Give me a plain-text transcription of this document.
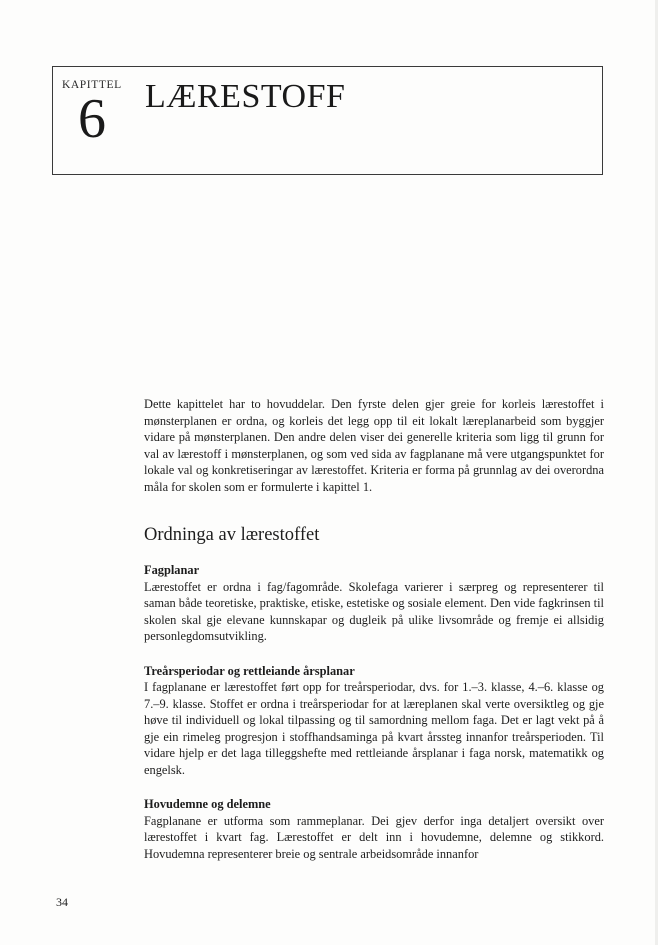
KAPITTEL
6 LÆRESTOFF

Dette kapittelet har to hovuddelar. Den fyrste delen gjer greie for korleis lærestoffet i mønsterplanen er ordna, og korleis det legg opp til eit lokalt læreplanarbeid som byggjer vidare på mønsterplanen. Den andre delen viser dei generelle kriteria som ligg til grunn for val av lærestoff i mønsterplanen, og som ved sida av fagplanane må vere utgangspunktet for lokale val og konkretiseringar av lærestoffet. Kriteria er forma på grunnlag av dei overordna måla for skolen som er formulerte i kapittel 1.

Ordninga av lærestoffet
Fagplanar

Lærestoffet er ordna i fag/fagområde. Skolefaga varierer i særpreg og representerer til saman både teoretiske, praktiske, etiske, estetiske og sosiale element. Den vide fagkrinsen til skolen skal gje elevane kunnskapar og dugleik på ulike livsområde og fremje ei allsidig personlegdomsutvikling.

Treårsperiodar og rettleiande årsplanar

I fagplanane er lærestoffet ført opp for treårsperiodar, dvs. for 1.–3. klasse, 4.–6. klasse og 7.–9. klasse. Stoffet er ordna i treårsperiodar for at læreplanen skal verte oversiktleg og gje høve til individuell og lokal tilpassing og til samordning mellom faga. Det er lagt vekt på å gje ein rimeleg progresjon i stoffhandsaminga på kvart årssteg innanfor treårsperioden. Til vidare hjelp er det laga tilleggshefte med rettleiande årsplanar i faga norsk, matematikk og engelsk.

Hovudemne og delemne

Fagplanane er utforma som rammeplanar. Dei gjev derfor inga detaljert oversikt over lærestoffet i kvart fag. Lærestoffet er delt inn i hovudemne, delemne og stikkord. Hovudemna representerer breie og sentrale arbeidsområde innanfor

34
